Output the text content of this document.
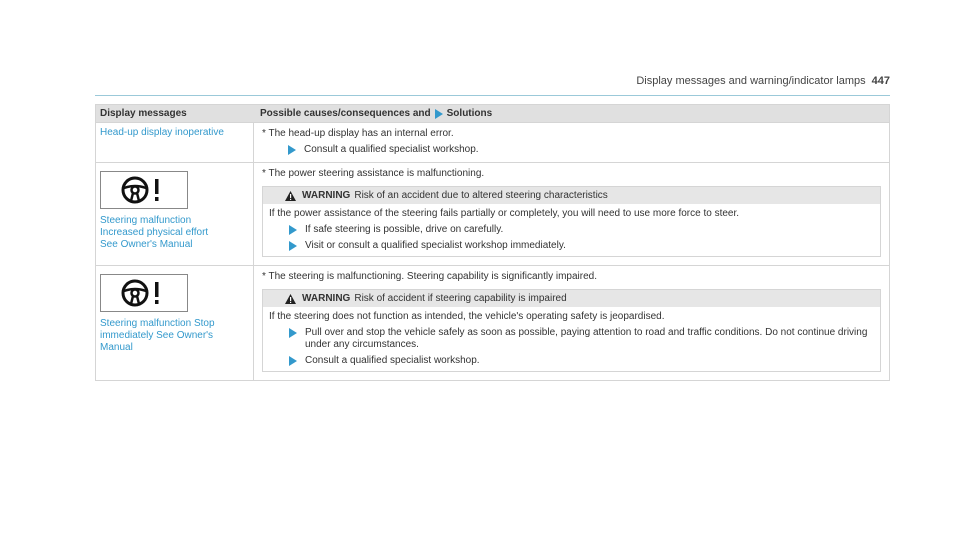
Display messages and warning/indicator lamps 447
Display messages	Possible causes/consequences and Solutions
Head-up display inoperative	* The head-up display has an internal error.
Consult a qualified specialist workshop.
Steering malfunction
Increased physical effort
See Owner's Manual
* The power steering assistance is malfunctioning.
WARNING Risk of an accident due to altered steering characteristics
If the power assistance of the steering fails partially or completely, you will need to use more force to steer.
If safe steering is possible, drive on carefully.
Visit or consult a qualified specialist workshop immediately.
Steering malfunction Stop
immediately See Owner's
Manual
* The steering is malfunctioning. Steering capability is significantly impaired.
WARNING Risk of accident if steering capability is impaired
If the steering does not function as intended, the vehicle's operating safety is jeopardised.
Pull over and stop the vehicle safely as soon as possible, paying attention to road and traffic conditions. Do not continue driving under any circumstances.
Consult a qualified specialist workshop.
